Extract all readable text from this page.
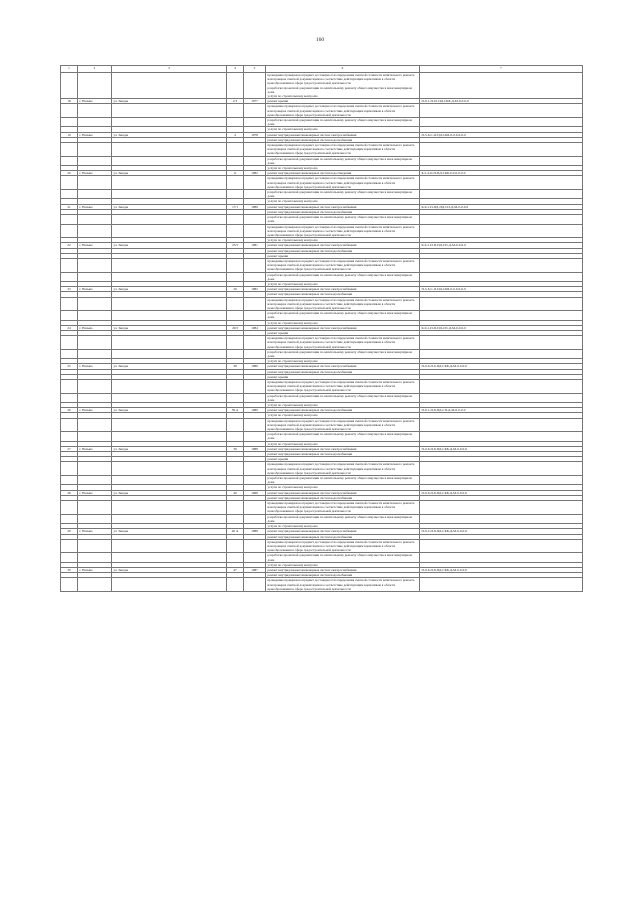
160
1	2	3	4	5	6	7

					проведение проверки на предмет достоверности определения сметной стоимости капитального ремонта или проверка сметной документации на соответствие действующим нормативам в области ценообразования в сфере градостроительной деятельности
разработка проектной документации по капитальному ремонту общего имущества в многоквартирном доме
услуги по строительному контролю	

18	г. Называ	ул. Звезды	2/3	1977	ремонт крыши	П-9-1-П-01-ПД-СКБ-Д-М-0-0-0-0
					проведение проверки на предмет достоверности определения сметной стоимости капитального ремонта или проверка сметной документации на соответствие действующим нормативам в области ценообразования в сфере градостроительной деятельности	
					разработка проектной документации по капитальному ремонту общего имущества в многоквартирном доме	
					услуги по строительному контролю	
19	г. Называ	ул. Звезды	4	1978	ремонт внутридомовых инженерных систем электроснабжения	П-5-6-С-О-ПД-СКБ-0-0-0-0-0-0
					ремонт внутридомовых инженерных систем водоснабжения	
					проведение проверки на предмет достоверности определения сметной стоимости капитального ремонта или проверка сметной документации на соответствие действующим нормативам в области ценообразования в сфере градостроительной деятельности	
					разработка проектной документации по капитальному ремонту общего имущества в многоквартирном доме	
					услуги по строительному контролю	
20	г. Называ	ул. Звезды	11	1982	ремонт внутридомовых инженерных систем водоотведения	Б-5-4-О-П-ПД-СКБ-0-0-0-0-0-0
					проведение проверки на предмет достоверности определения сметной стоимости капитального ремонта или проверка сметной документации на соответствие действующим нормативам в области ценообразования в сфере градостроительной деятельности	
					разработка проектной документации по капитальному ремонту общего имущества в многоквартирном доме	
					услуги по строительному контролю	
21	г. Называ	ул. Звезды	17/1	1989	ремонт внутридомовых инженерных систем электроснабжения	К-9-1-П-ПД-ПД-СП-Д-М-0-0-0-0
					ремонт внутридомовых инженерных систем водоснабжения	
					разработка проектной документации по капитальному ремонту общего имущества в многоквартирном доме	
					проведение проверки на предмет достоверности определения сметной стоимости капитального ремонта или проверка сметной документации на соответствие действующим нормативам в области ценообразования в сфере градостроительной деятельности	
					услуги по строительному контролю	
22	г. Называ	ул. Звезды	23/3	1981	ремонт внутридомовых инженерных систем электроснабжения	К-9-1-П-П-ПД-СП-Д-М-0-0-0-0
					ремонт внутридомовых инженерных систем водоснабжения	
					ремонт крыши	
					проведение проверки на предмет достоверности определения сметной стоимости капитального ремонта или проверка сметной документации на соответствие действующим нормативам в области ценообразования в сфере градостроительной деятельности	
					разработка проектной документации по капитальному ремонту общего имущества в многоквартирном доме	
					услуги по строительному контролю	
23	г. Называ	ул. Звезды	29	1982	ремонт внутридомовых инженерных систем электроснабжения	П-5-6-С-О-ПД-СКБ-0-0-0-0-0-0
					ремонт внутридомовых инженерных систем водоснабжения	
					проведение проверки на предмет достоверности определения сметной стоимости капитального ремонта или проверка сметной документации на соответствие действующим нормативам в области ценообразования в сфере градостроительной деятельности	
					разработка проектной документации по капитальному ремонту общего имущества в многоквартирном доме	
					услуги по строительному контролю	
24	г. Называ	ул. Звезды	29/3	1984	ремонт внутридомовых инженерных систем электроснабжения	К-9-1-П-П-ПД-СП-Д-М-0-0-0-0
					ремонт крыши	
					проведение проверки на предмет достоверности определения сметной стоимости капитального ремонта или проверка сметной документации на соответствие действующим нормативам в области ценообразования в сфере градостроительной деятельности	
					разработка проектной документации по капитальному ремонту общего имущества в многоквартирном доме	
					услуги по строительному контролю	
25	г. Называ	ул. Звезды	38	1986	ремонт внутридомовых инженерных систем электроснабжения	П-9-6-П-6-ПД-СКБ-Д-М-0-0-0-0
					ремонт внутридомовых инженерных систем водоснабжения	
					ремонт крыши	
					проведение проверки на предмет достоверности определения сметной стоимости капитального ремонта или проверка сметной документации на соответствие действующим нормативам в области ценообразования в сфере градостроительной деятельности	
					разработка проектной документации по капитальному ремонту общего имущества в многоквартирном доме	
					услуги по строительному контролю	
26	г. Называ	ул. Звезды	39 А	1989	ремонт внутридомовых инженерных систем водоснабжения	П-9-1-П-8-ПД-СП-Д-М-0-0-0-0
					услуги по строительному контролю	
					проведение проверки на предмет достоверности определения сметной стоимости капитального ремонта или проверка сметной документации на соответствие действующим нормативам в области ценообразования в сфере градостроительной деятельности	
					разработка проектной документации по капитальному ремонту общего имущества в многоквартирном доме	
					услуги по строительному контролю	
27	г. Называ	ул. Звезды	39	1988	ремонт внутридомовых инженерных систем электроснабжения	П-9-6-П-8-ПД-СКБ-Д-М-0-0-0-0
					ремонт внутридомовых инженерных систем водоснабжения	
					ремонт крыши	
					проведение проверки на предмет достоверности определения сметной стоимости капитального ремонта или проверка сметной документации на соответствие действующим нормативам в области ценообразования в сфере градостроительной деятельности	
					разработка проектной документации по капитальному ремонту общего имущества в многоквартирном доме	
					услуги по строительному контролю	
28	г. Называ	ул. Звезды	40	1998	ремонт внутридомовых инженерных систем электроснабжения	П-9-6-П-8-ПД-СКБ-Д-М-0-0-0-0
					ремонт внутридомовых инженерных систем водоснабжения	
					проведение проверки на предмет достоверности определения сметной стоимости капитального ремонта или проверка сметной документации на соответствие действующим нормативам в области ценообразования в сфере градостроительной деятельности	
					разработка проектной документации по капитальному ремонту общего имущества в многоквартирном доме	
					услуги по строительному контролю	
29	г. Называ	ул. Звезды	40 А	1988	ремонт внутридомовых инженерных систем электроснабжения	П-9-2-П-8-ПД-СКБ-Д-М-0-0-0-0
					ремонт внутридомовых инженерных систем водоснабжения	
					проведение проверки на предмет достоверности определения сметной стоимости капитального ремонта или проверка сметной документации на соответствие действующим нормативам в области ценообразования в сфере градостроительной деятельности	
					разработка проектной документации по капитальному ремонту общего имущества в многоквартирном доме	
					услуги по строительному контролю	
30	г. Называ	ул. Звезды	47	1987	ремонт внутридомовых инженерных систем электроснабжения	П-9-6-П-8-ПД-СКБ-Д-М-0-0-0-0
					ремонт внутридомовых инженерных систем водоснабжения	
					проведение проверки на предмет достоверности определения сметной стоимости капитального ремонта или проверка сметной документации на соответствие действующим нормативам в области ценообразования в сфере градостроительной деятельности	
